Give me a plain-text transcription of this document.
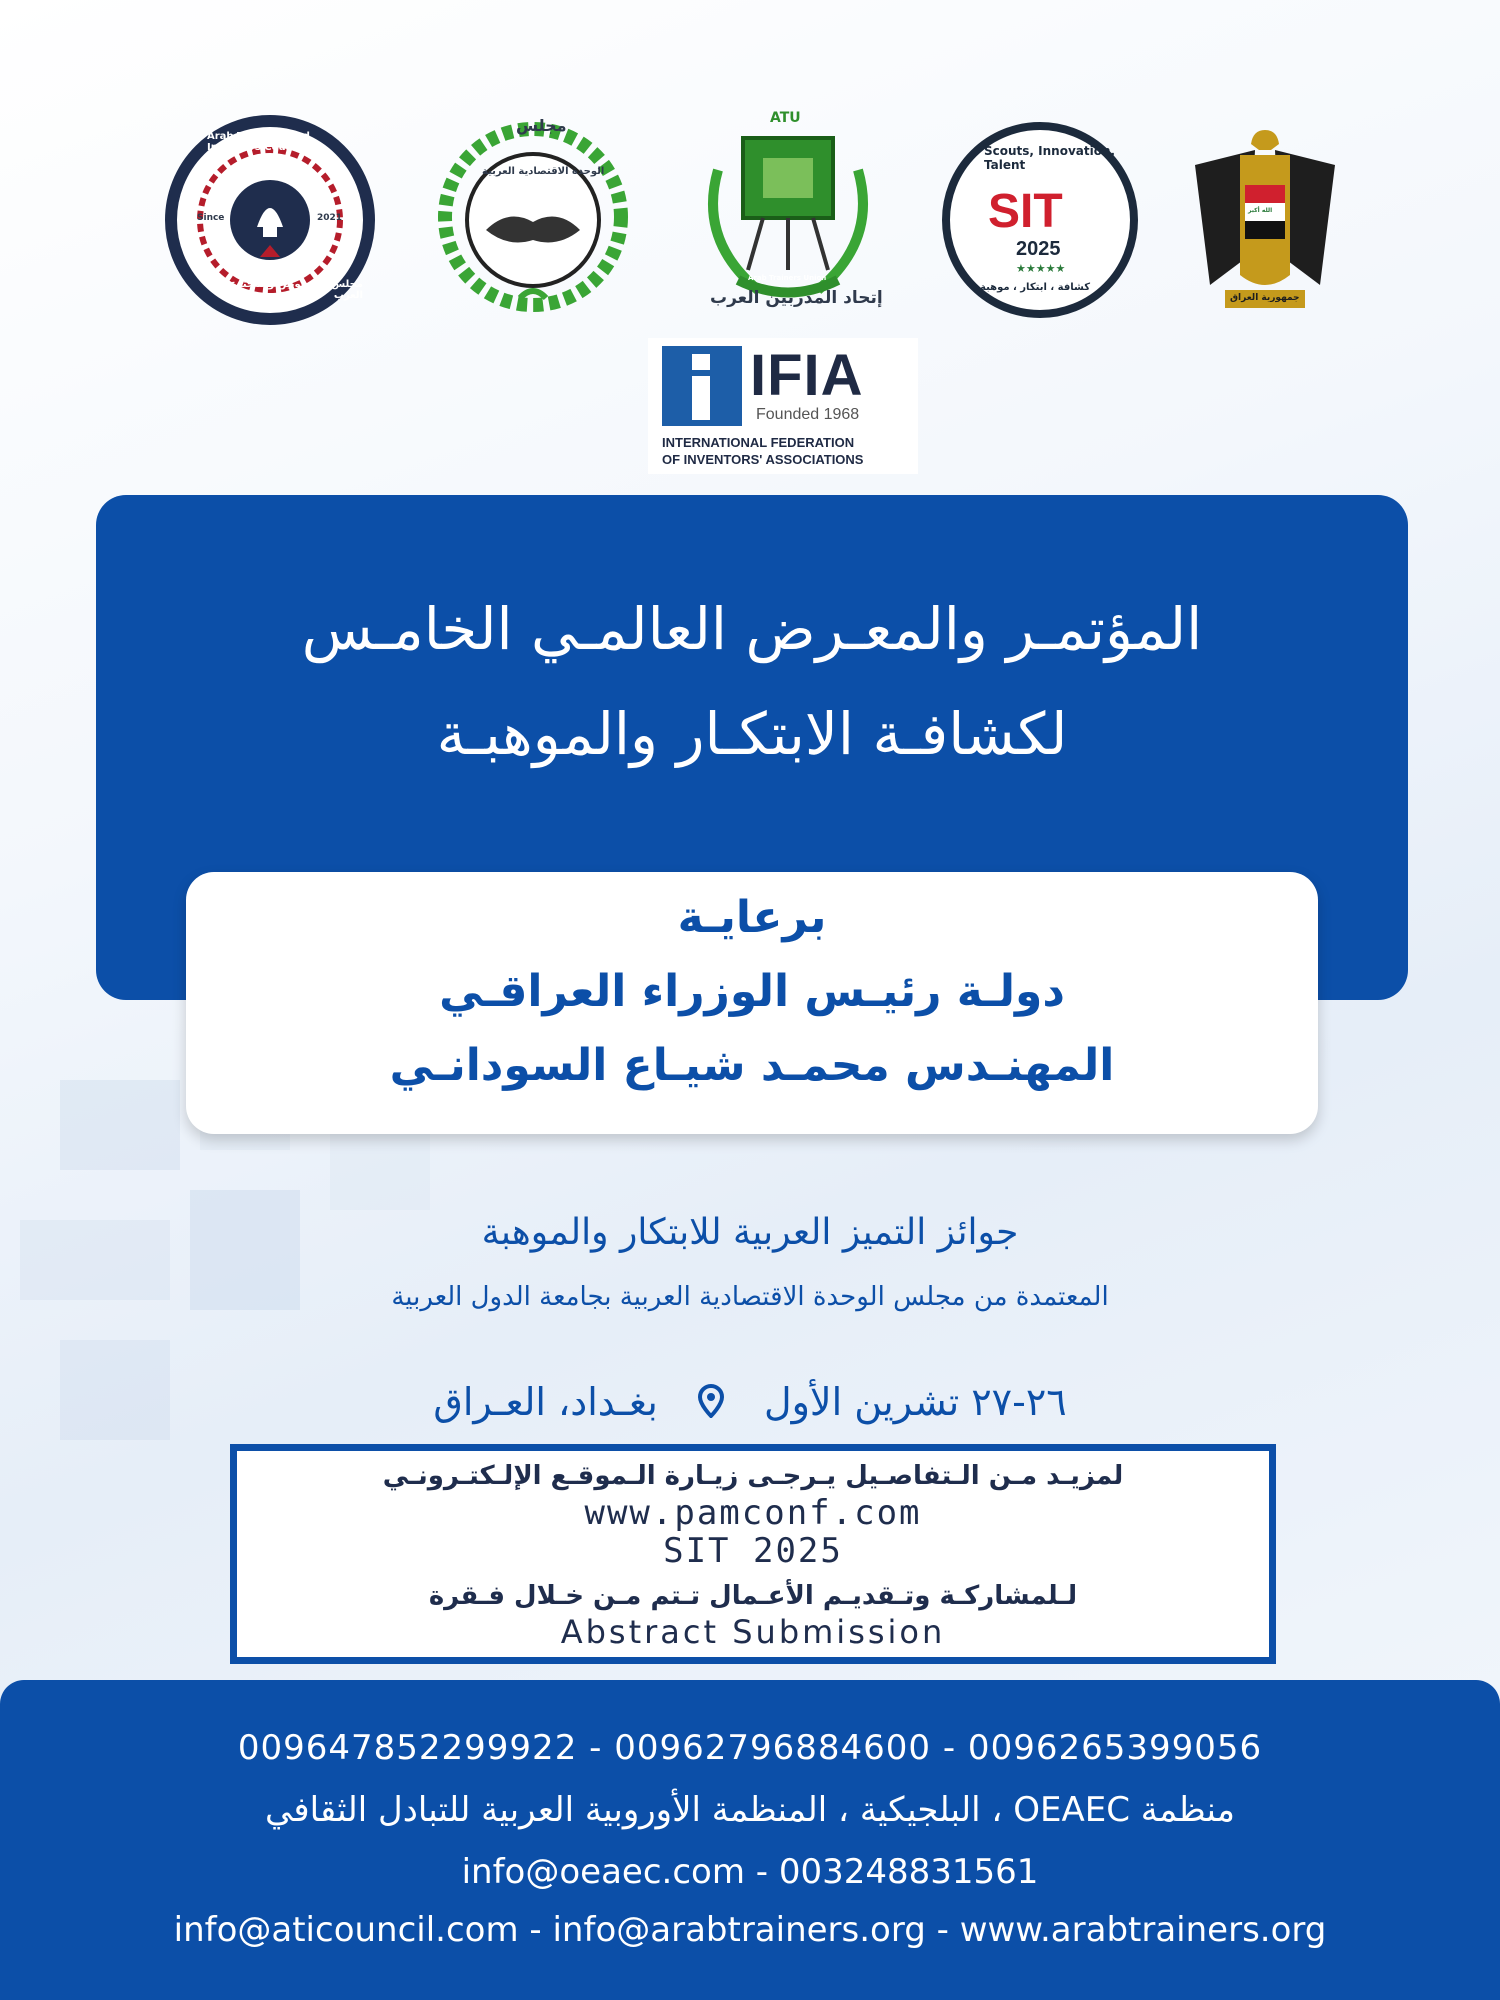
Arab Talented and Inventors Council
مجلس الموهوبين والمخترعين العرب
Since	2021
مجلس
الوحدة الاقتصادية العربية
ATU
Arab Trainers Union
إتحاد المدربين العرب
Scouts, Innovation, Talent
SIT
2025
★★★★★
كشافة ، ابتكار ، موهبة
الله أكبر
جمهورية العراق
IFIA
Founded 1968
INTERNATIONAL FEDERATION
OF INVENTORS' ASSOCIATIONS
المؤتمـر والمعـرض العالمـي الخامـس
لكشافـة الابتكـار والموهبـة
برعايـة
دولـة رئيـس الوزراء العراقـي
المهنـدس محمـد شيـاع السودانـي
جوائز التميز العربية للابتكار والموهبة
المعتمدة من مجلس الوحدة الاقتصادية العربية بجامعة الدول العربية
٢٦-٢٧ تشرين الأول  بغـداد، العـراق
لمزيـد مـن الـتفاصـيل يـرجـى زيـارة الـموقـع الإلـكتـرونـي
www.pamconf.com
SIT 2025
لـلمشاركـة وتـقديـم الأعـمال تـتم مـن خـلال فـقرة
Abstract Submission
009647852299922 - 00962796884600 - 0096265399056
منظمة OEAEC ، البلجيكية ، المنظمة الأوروبية العربية للتبادل الثقافي
info@oeaec.com - 003248831561
info@aticouncil.com - info@arabtrainers.org - www.arabtrainers.org
